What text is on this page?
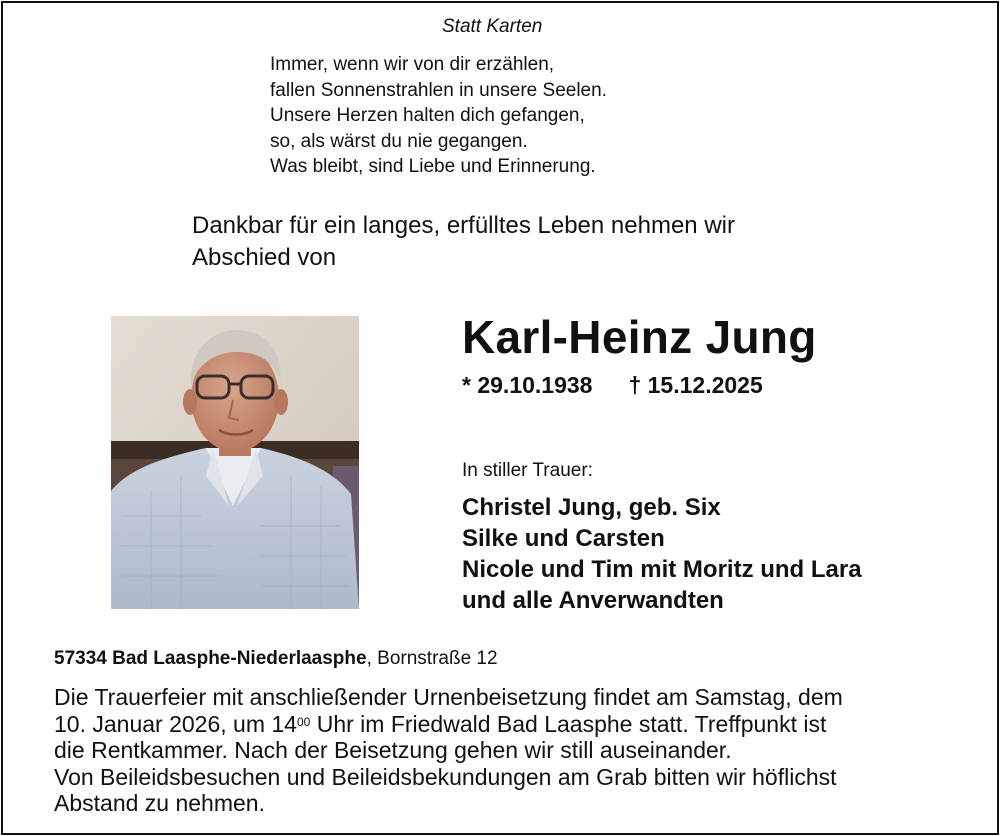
Statt Karten
Immer, wenn wir von dir erzählen,
fallen Sonnenstrahlen in unsere Seelen.
Unsere Herzen halten dich gefangen,
so, als wärst du nie gegangen.
Was bleibt, sind Liebe und Erinnerung.
Dankbar für ein langes, erfülltes Leben nehmen wir
Abschied von
Karl-Heinz Jung
* 29.10.1938 † 15.12.2025
In stiller Trauer:
Christel Jung, geb. Six
Silke und Carsten
Nicole und Tim mit Moritz und Lara
und alle Anverwandten
57334 Bad Laasphe-Niederlaasphe, Bornstraße 12
Die Trauerfeier mit anschließender Urnenbeisetzung findet am Samstag, dem
10. Januar 2026, um $14^{00}$ Uhr im Friedwald Bad Laasphe statt. Treffpunkt ist
die Rentkammer. Nach der Beisetzung gehen wir still auseinander.
Von Beileidsbesuchen und Beileidsbekundungen am Grab bitten wir höflichst
Abstand zu nehmen.
